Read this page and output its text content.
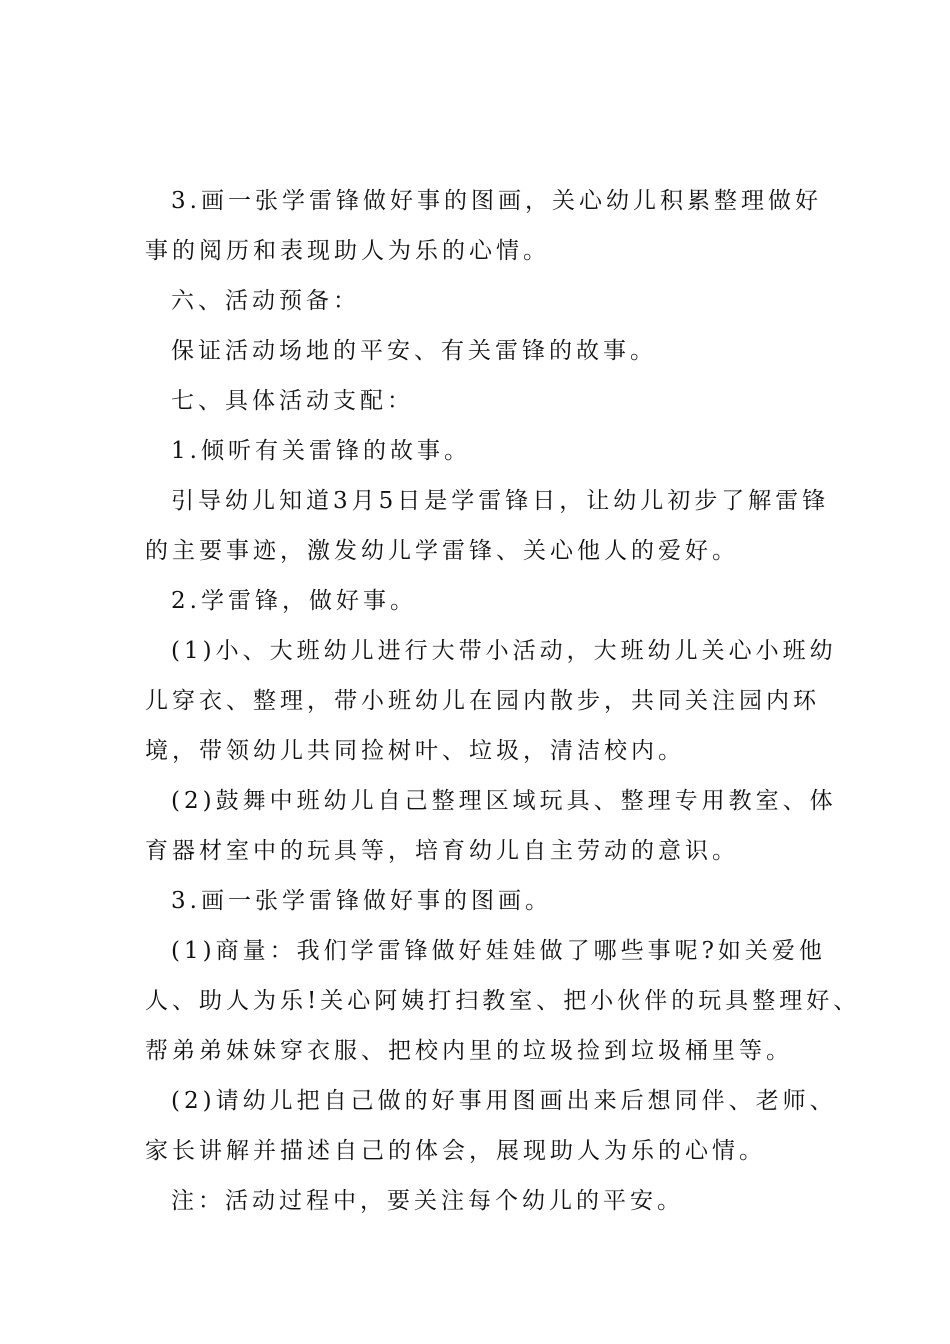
3.画一张学雷锋做好事的图画，关心幼儿积累整理做好
事的阅历和表现助人为乐的心情。
六、活动预备：
保证活动场地的平安、有关雷锋的故事。
七、具体活动支配：
1.倾听有关雷锋的故事。
引导幼儿知道3月5日是学雷锋日，让幼儿初步了解雷锋
的主要事迹，激发幼儿学雷锋、关心他人的爱好。
2.学雷锋，做好事。
(1)小、大班幼儿进行大带小活动，大班幼儿关心小班幼
儿穿衣、整理，带小班幼儿在园内散步，共同关注园内环
境，带领幼儿共同捡树叶、垃圾，清洁校内。
(2)鼓舞中班幼儿自己整理区域玩具、整理专用教室、体
育器材室中的玩具等，培育幼儿自主劳动的意识。
3.画一张学雷锋做好事的图画。
(1)商量：我们学雷锋做好娃娃做了哪些事呢?如关爱他
人、助人为乐!关心阿姨打扫教室、把小伙伴的玩具整理好、
帮弟弟妹妹穿衣服、把校内里的垃圾捡到垃圾桶里等。
(2)请幼儿把自己做的好事用图画出来后想同伴、老师、
家长讲解并描述自己的体会，展现助人为乐的心情。
注：活动过程中，要关注每个幼儿的平安。
